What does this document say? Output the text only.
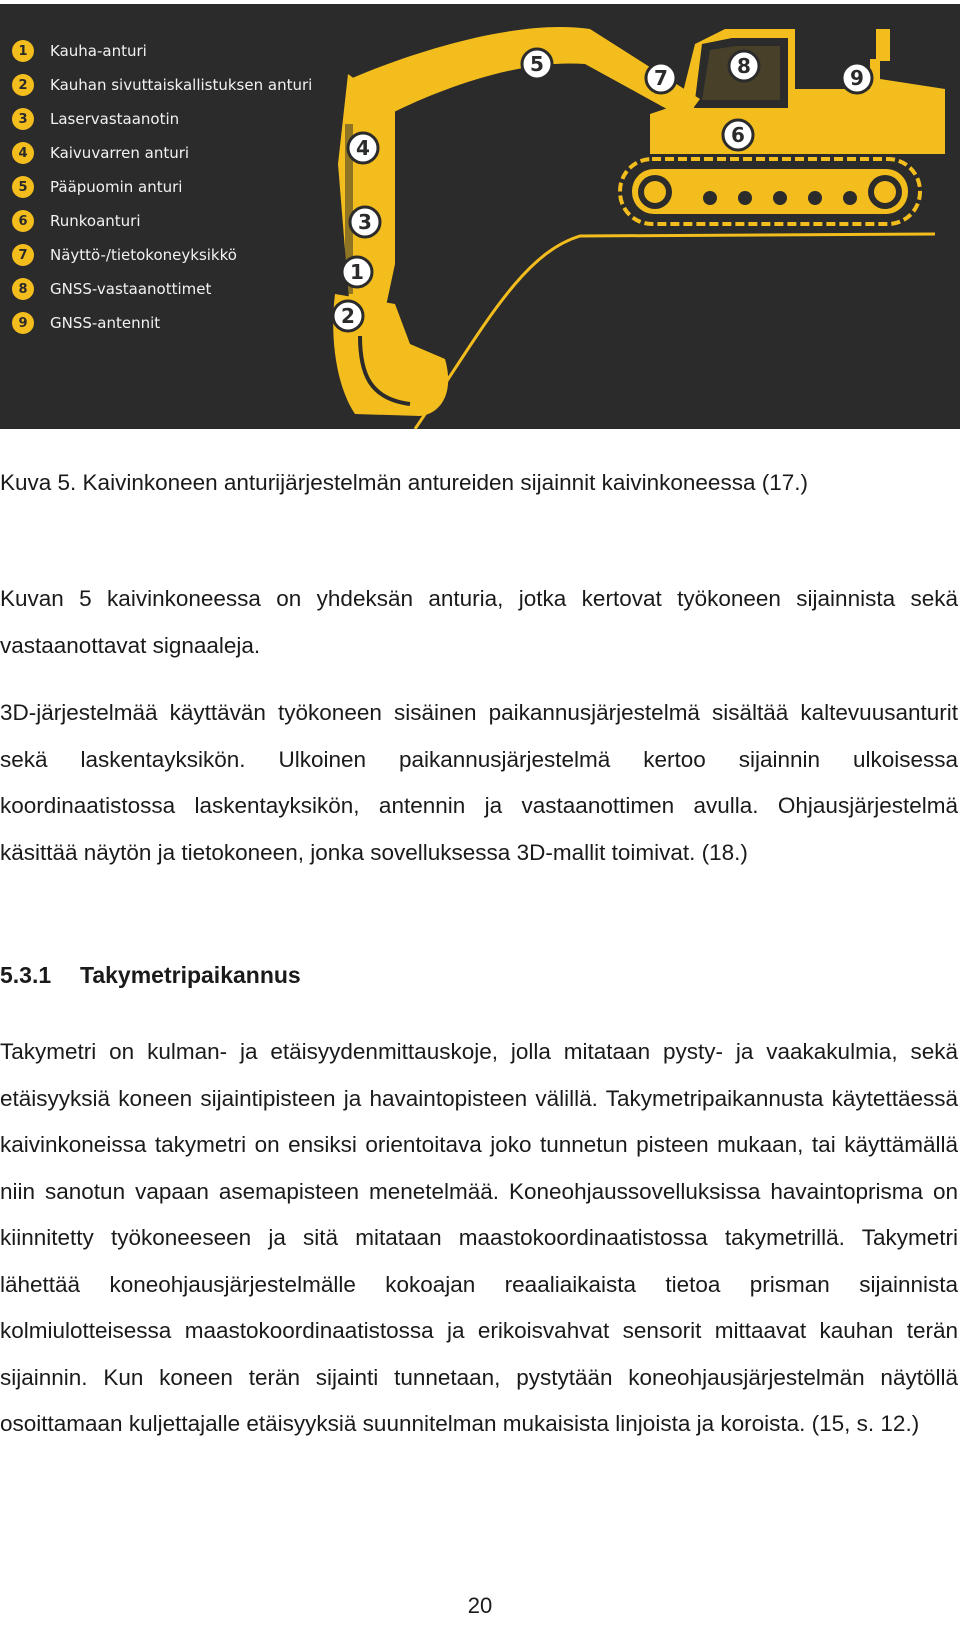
1
2
3
4
5
6
7	8	9
1	Kauha-anturi
2	Kauhan sivuttaiskallistuksen anturi
3	Laservastaanotin
4	Kaivuvarren anturi
5	Pääpuomin anturi
6	Runkoanturi
7	Näyttö-/tietokoneyksikkö
8	GNSS-vastaanottimet
9	GNSS-antennit

Kuva 5. Kaivinkoneen anturijärjestelmän antureiden sijainnit kaivinkoneessa (17.)

Kuvan 5 kaivinkoneessa on yhdeksän anturia, jotka kertovat työkoneen sijainnista sekä vastaanottavat signaaleja.

3D-järjestelmää käyttävän työkoneen sisäinen paikannusjärjestelmä sisältää kaltevuusanturit sekä laskentayksikön. Ulkoinen paikannusjärjestelmä kertoo sijainnin ulkoisessa koordinaatistossa laskentayksikön, antennin ja vastaanottimen avulla. Ohjausjärjestelmä käsittää näytön ja tietokoneen, jonka sovelluksessa 3D-mallit toimivat. (18.)

5.3.1 Takymetripaikannus

Takymetri on kulman- ja etäisyydenmittauskoje, jolla mitataan pysty- ja vaakakulmia, sekä etäisyyksiä koneen sijaintipisteen ja havaintopisteen välillä. Takymetripaikannusta käytettäessä kaivinkoneissa takymetri on ensiksi orientoitava joko tunnetun pisteen mukaan, tai käyttämällä niin sanotun vapaan asemapisteen menetelmää. Koneohjaussovelluksissa havaintoprisma on kiinnitetty työkoneeseen ja sitä mitataan maastokoordinaatistossa takymetrillä. Takymetri lähettää koneohjausjärjestelmälle kokoajan reaaliaikaista tietoa prisman sijainnista kolmiulotteisessa maastokoordinaatistossa ja erikoisvahvat sensorit mittaavat kauhan terän sijainnin. Kun koneen terän sijainti tunnetaan, pystytään koneohjausjärjestelmän näytöllä osoittamaan kuljettajalle etäisyyksiä suunnitelman mukaisista linjoista ja koroista. (15, s. 12.)

20
